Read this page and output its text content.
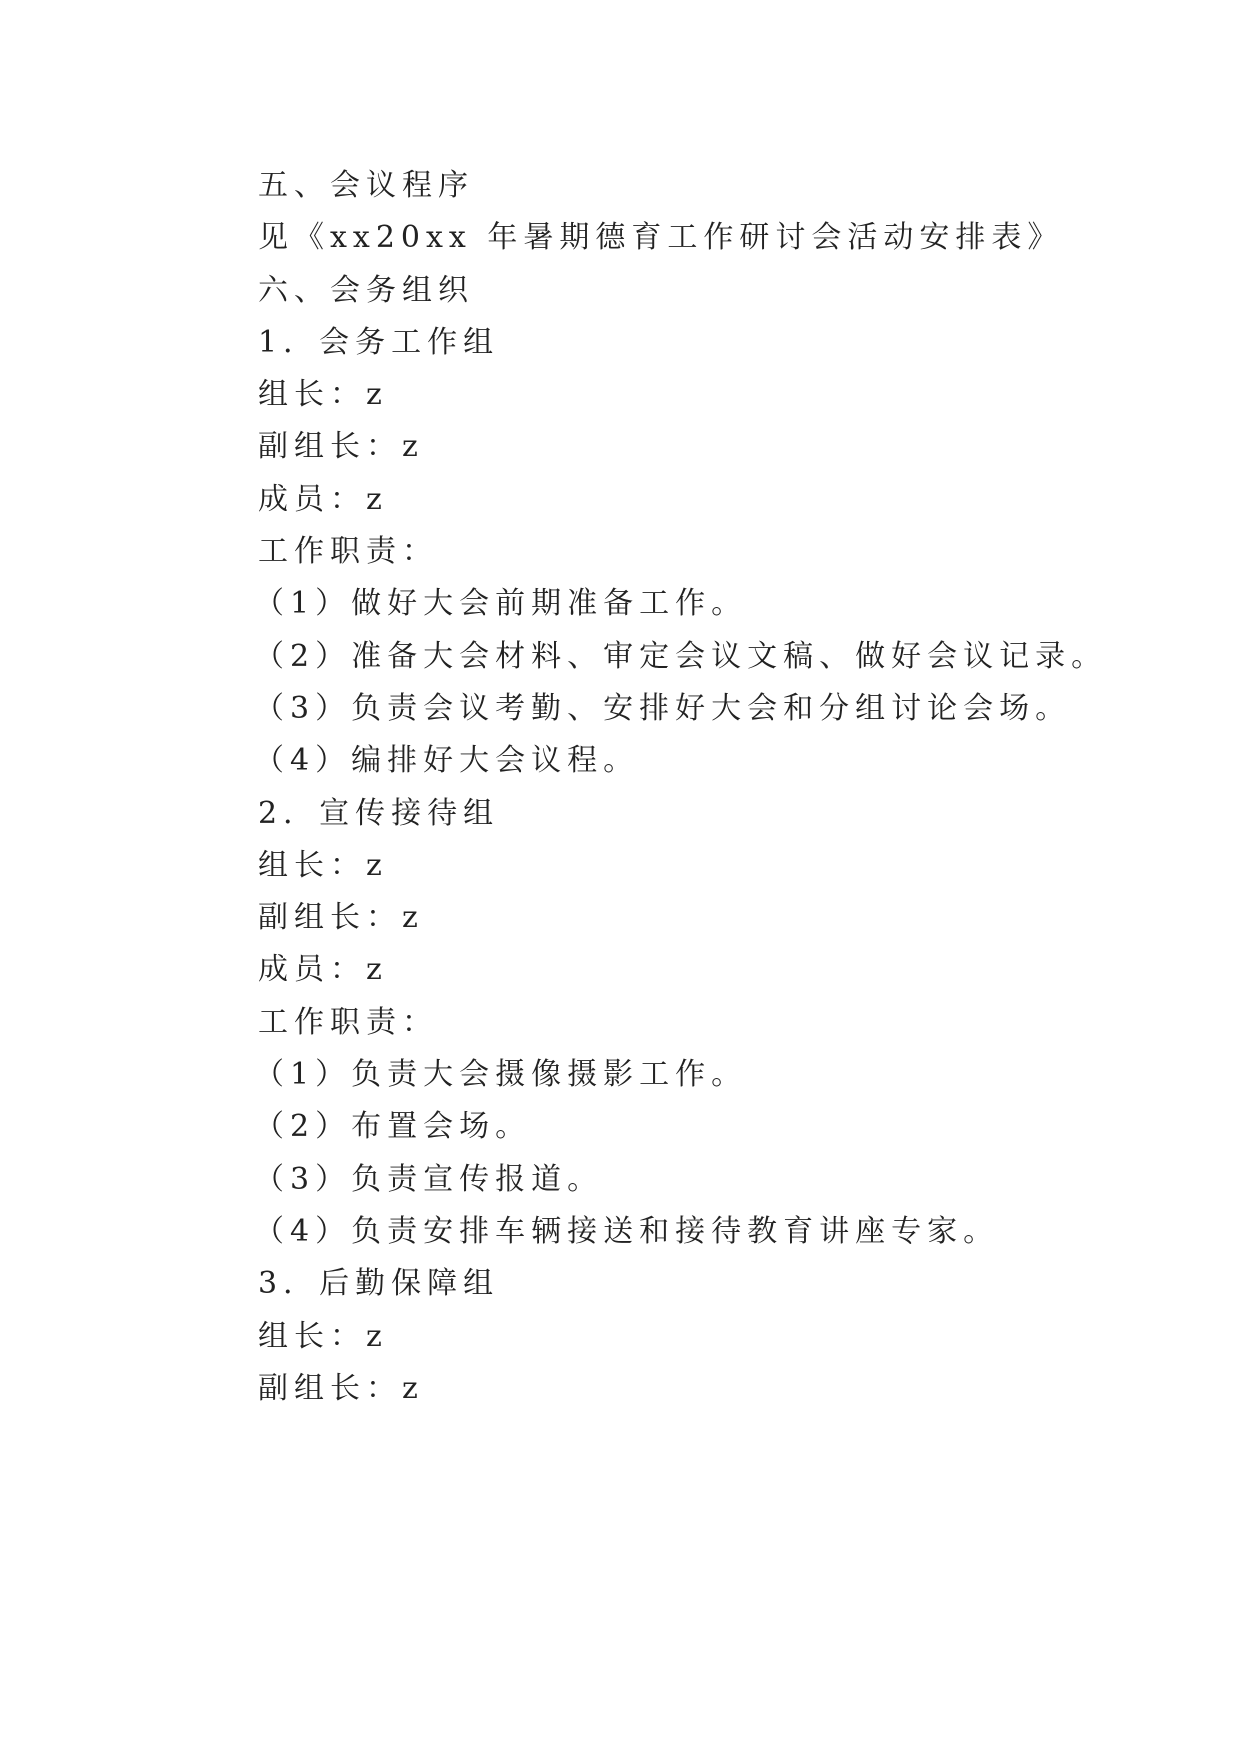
五、会议程序
见《xx20xx 年暑期德育工作研讨会活动安排表》
六、会务组织
1．会务工作组
组长：z
副组长：z
成员：z
工作职责：
（1）做好大会前期准备工作。
（2）准备大会材料、审定会议文稿、做好会议记录。
（3）负责会议考勤、安排好大会和分组讨论会场。
（4）编排好大会议程。
2．宣传接待组
组长：z
副组长：z
成员：z
工作职责：
（1）负责大会摄像摄影工作。
（2）布置会场。
（3）负责宣传报道。
（4）负责安排车辆接送和接待教育讲座专家。
3．后勤保障组
组长：z
副组长：z
